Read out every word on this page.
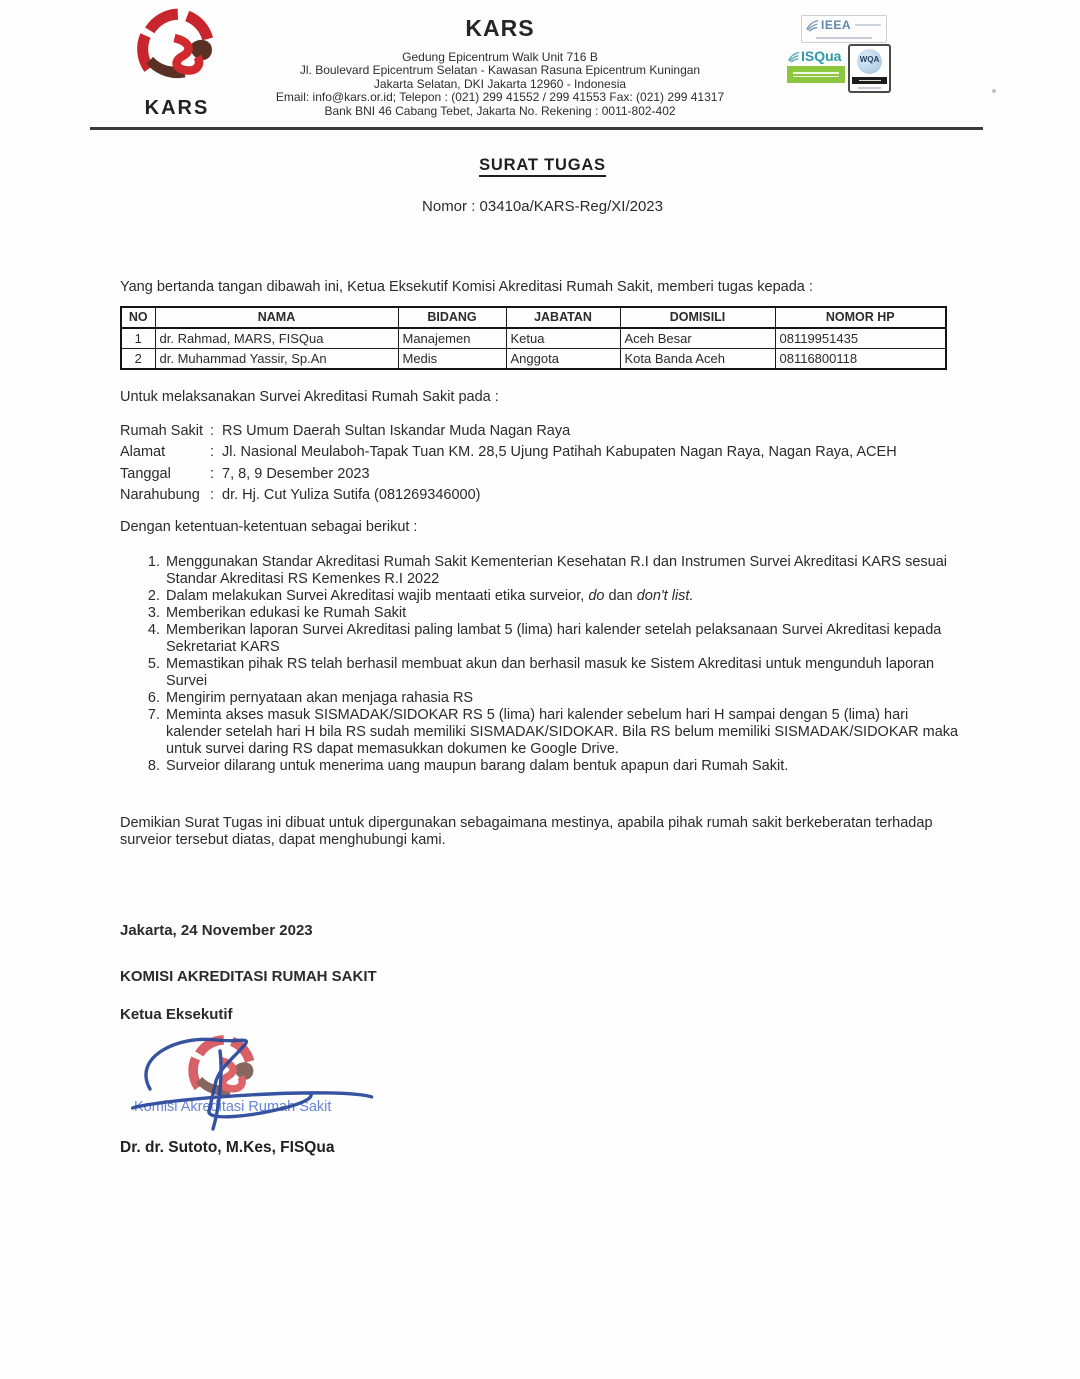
KARS
KARS
Gedung Epicentrum Walk Unit 716 B
Jl. Boulevard Epicentrum Selatan - Kawasan Rasuna Epicentrum Kuningan
Jakarta Selatan, DKI Jakarta 12960 - Indonesia
Email: info@kars.or.id; Telepon : (021) 299 41552 / 299 41553 Fax: (021) 299 41317
Bank BNI 46 Cabang Tebet, Jakarta No. Rekening : 0011-802-402
IEEA
ISQua	WQA
SURAT TUGAS
Nomor : 03410a/KARS-Reg/XI/2023

Yang bertanda tangan dibawah ini, Ketua Eksekutif Komisi Akreditasi Rumah Sakit, memberi tugas kepada :

NO	NAMA	BIDANG	JABATAN	DOMISILI	NOMOR HP
1	dr. Rahmad, MARS, FISQua	Manajemen	Ketua	Aceh Besar	08119951435
2	dr. Muhammad Yassir, Sp.An	Medis	Anggota	Kota Banda Aceh	08116800118

Untuk melaksanakan Survei Akreditasi Rumah Sakit pada :

Rumah Sakit : RS Umum Daerah Sultan Iskandar Muda Nagan Raya
Alamat	: Jl. Nasional Meulaboh-Tapak Tuan KM. 28,5 Ujung Patihah Kabupaten Nagan Raya, Nagan Raya, ACEH
Tanggal	: 7, 8, 9 Desember 2023
Narahubung : dr. Hj. Cut Yuliza Sutifa (081269346000)

Dengan ketentuan-ketentuan sebagai berikut :

1. Menggunakan Standar Akreditasi Rumah Sakit Kementerian Kesehatan R.I dan Instrumen Survei Akreditasi KARS sesuai Standar Akreditasi RS Kemenkes R.I 2022
2. Dalam melakukan Survei Akreditasi wajib mentaati etika surveior, do dan don't list.
3. Memberikan edukasi ke Rumah Sakit
4. Memberikan laporan Survei Akreditasi paling lambat 5 (lima) hari kalender setelah pelaksanaan Survei Akreditasi kepada Sekretariat KARS
5. Memastikan pihak RS telah berhasil membuat akun dan berhasil masuk ke Sistem Akreditasi untuk mengunduh laporan Survei
6. Mengirim pernyataan akan menjaga rahasia RS
7. Meminta akses masuk SISMADAK/SIDOKAR RS 5 (lima) hari kalender sebelum hari H sampai dengan 5 (lima) hari kalender setelah hari H bila RS sudah memiliki SISMADAK/SIDOKAR. Bila RS belum memiliki SISMADAK/SIDOKAR maka untuk survei daring RS dapat memasukkan dokumen ke Google Drive.
8. Surveior dilarang untuk menerima uang maupun barang dalam bentuk apapun dari Rumah Sakit.

Demikian Surat Tugas ini dibuat untuk dipergunakan sebagaimana mestinya, apabila pihak rumah sakit berkeberatan terhadap surveior tersebut diatas, dapat menghubungi kami.

Jakarta, 24 November 2023
KOMISI AKREDITASI RUMAH SAKIT
Ketua Eksekutif
Komisi Akreditasi Rumah Sakit
Dr. dr. Sutoto, M.Kes, FISQua
